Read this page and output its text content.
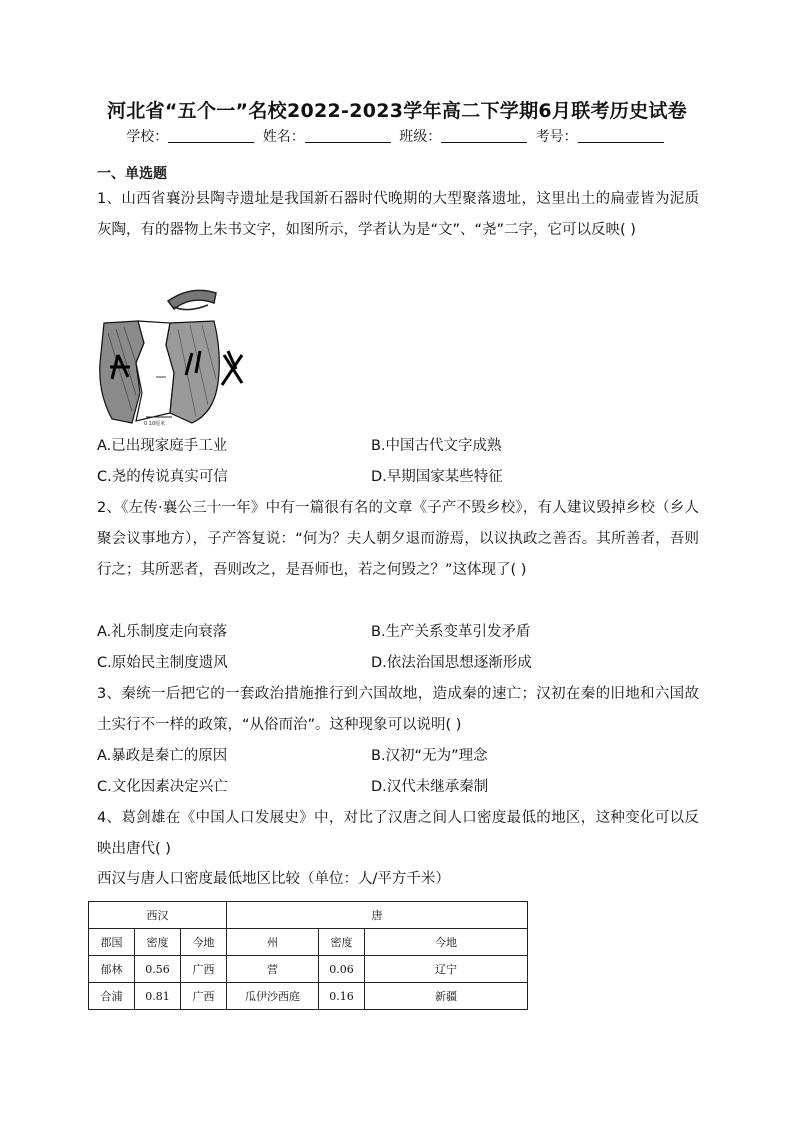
河北省“五个一”名校2022-2023学年高二下学期6月联考历史试卷
学校：	姓名：	班级：	考号：
一、单选题
1、山西省襄汾县陶寺遗址是我国新石器时代晚期的大型聚落遗址，这里出土的扁壶皆为泥质灰陶，有的器物上朱书文字，如图所示，学者认为是“文”、“尧”二字，它可以反映( )
0 10厘米
A.已出现家庭手工业	B.中国古代文字成熟
C.尧的传说真实可信	D.早期国家某些特征
2、《左传·襄公三十一年》中有一篇很有名的文章《子产不毁乡校》，有人建议毁掉乡校（乡人聚会议事地方），子产答复说：“何为？夫人朝夕退而游焉，以议执政之善否。其所善者，吾则行之；其所恶者，吾则改之，是吾师也，若之何毁之？”这体现了( )
A.礼乐制度走向衰落	B.生产关系变革引发矛盾
C.原始民主制度遗风	D.依法治国思想逐渐形成
3、秦统一后把它的一套政治措施推行到六国故地，造成秦的速亡；汉初在秦的旧地和六国故土实行不一样的政策，“从俗而治”。这种现象可以说明( )
A.暴政是秦亡的原因	B.汉初“无为”理念
C.文化因素决定兴亡	D.汉代未继承秦制
4、葛剑雄在《中国人口发展史》中，对比了汉唐之间人口密度最低的地区，这种变化可以反映出唐代( )
西汉与唐人口密度最低地区比较（单位：人/平方千米）
西汉			唐		
郡国	密度	今地	州	密度	今地
郁林	0.56	广西	营	0.06	辽宁
合浦	0.81	广西	瓜伊沙西庭	0.16	新疆
